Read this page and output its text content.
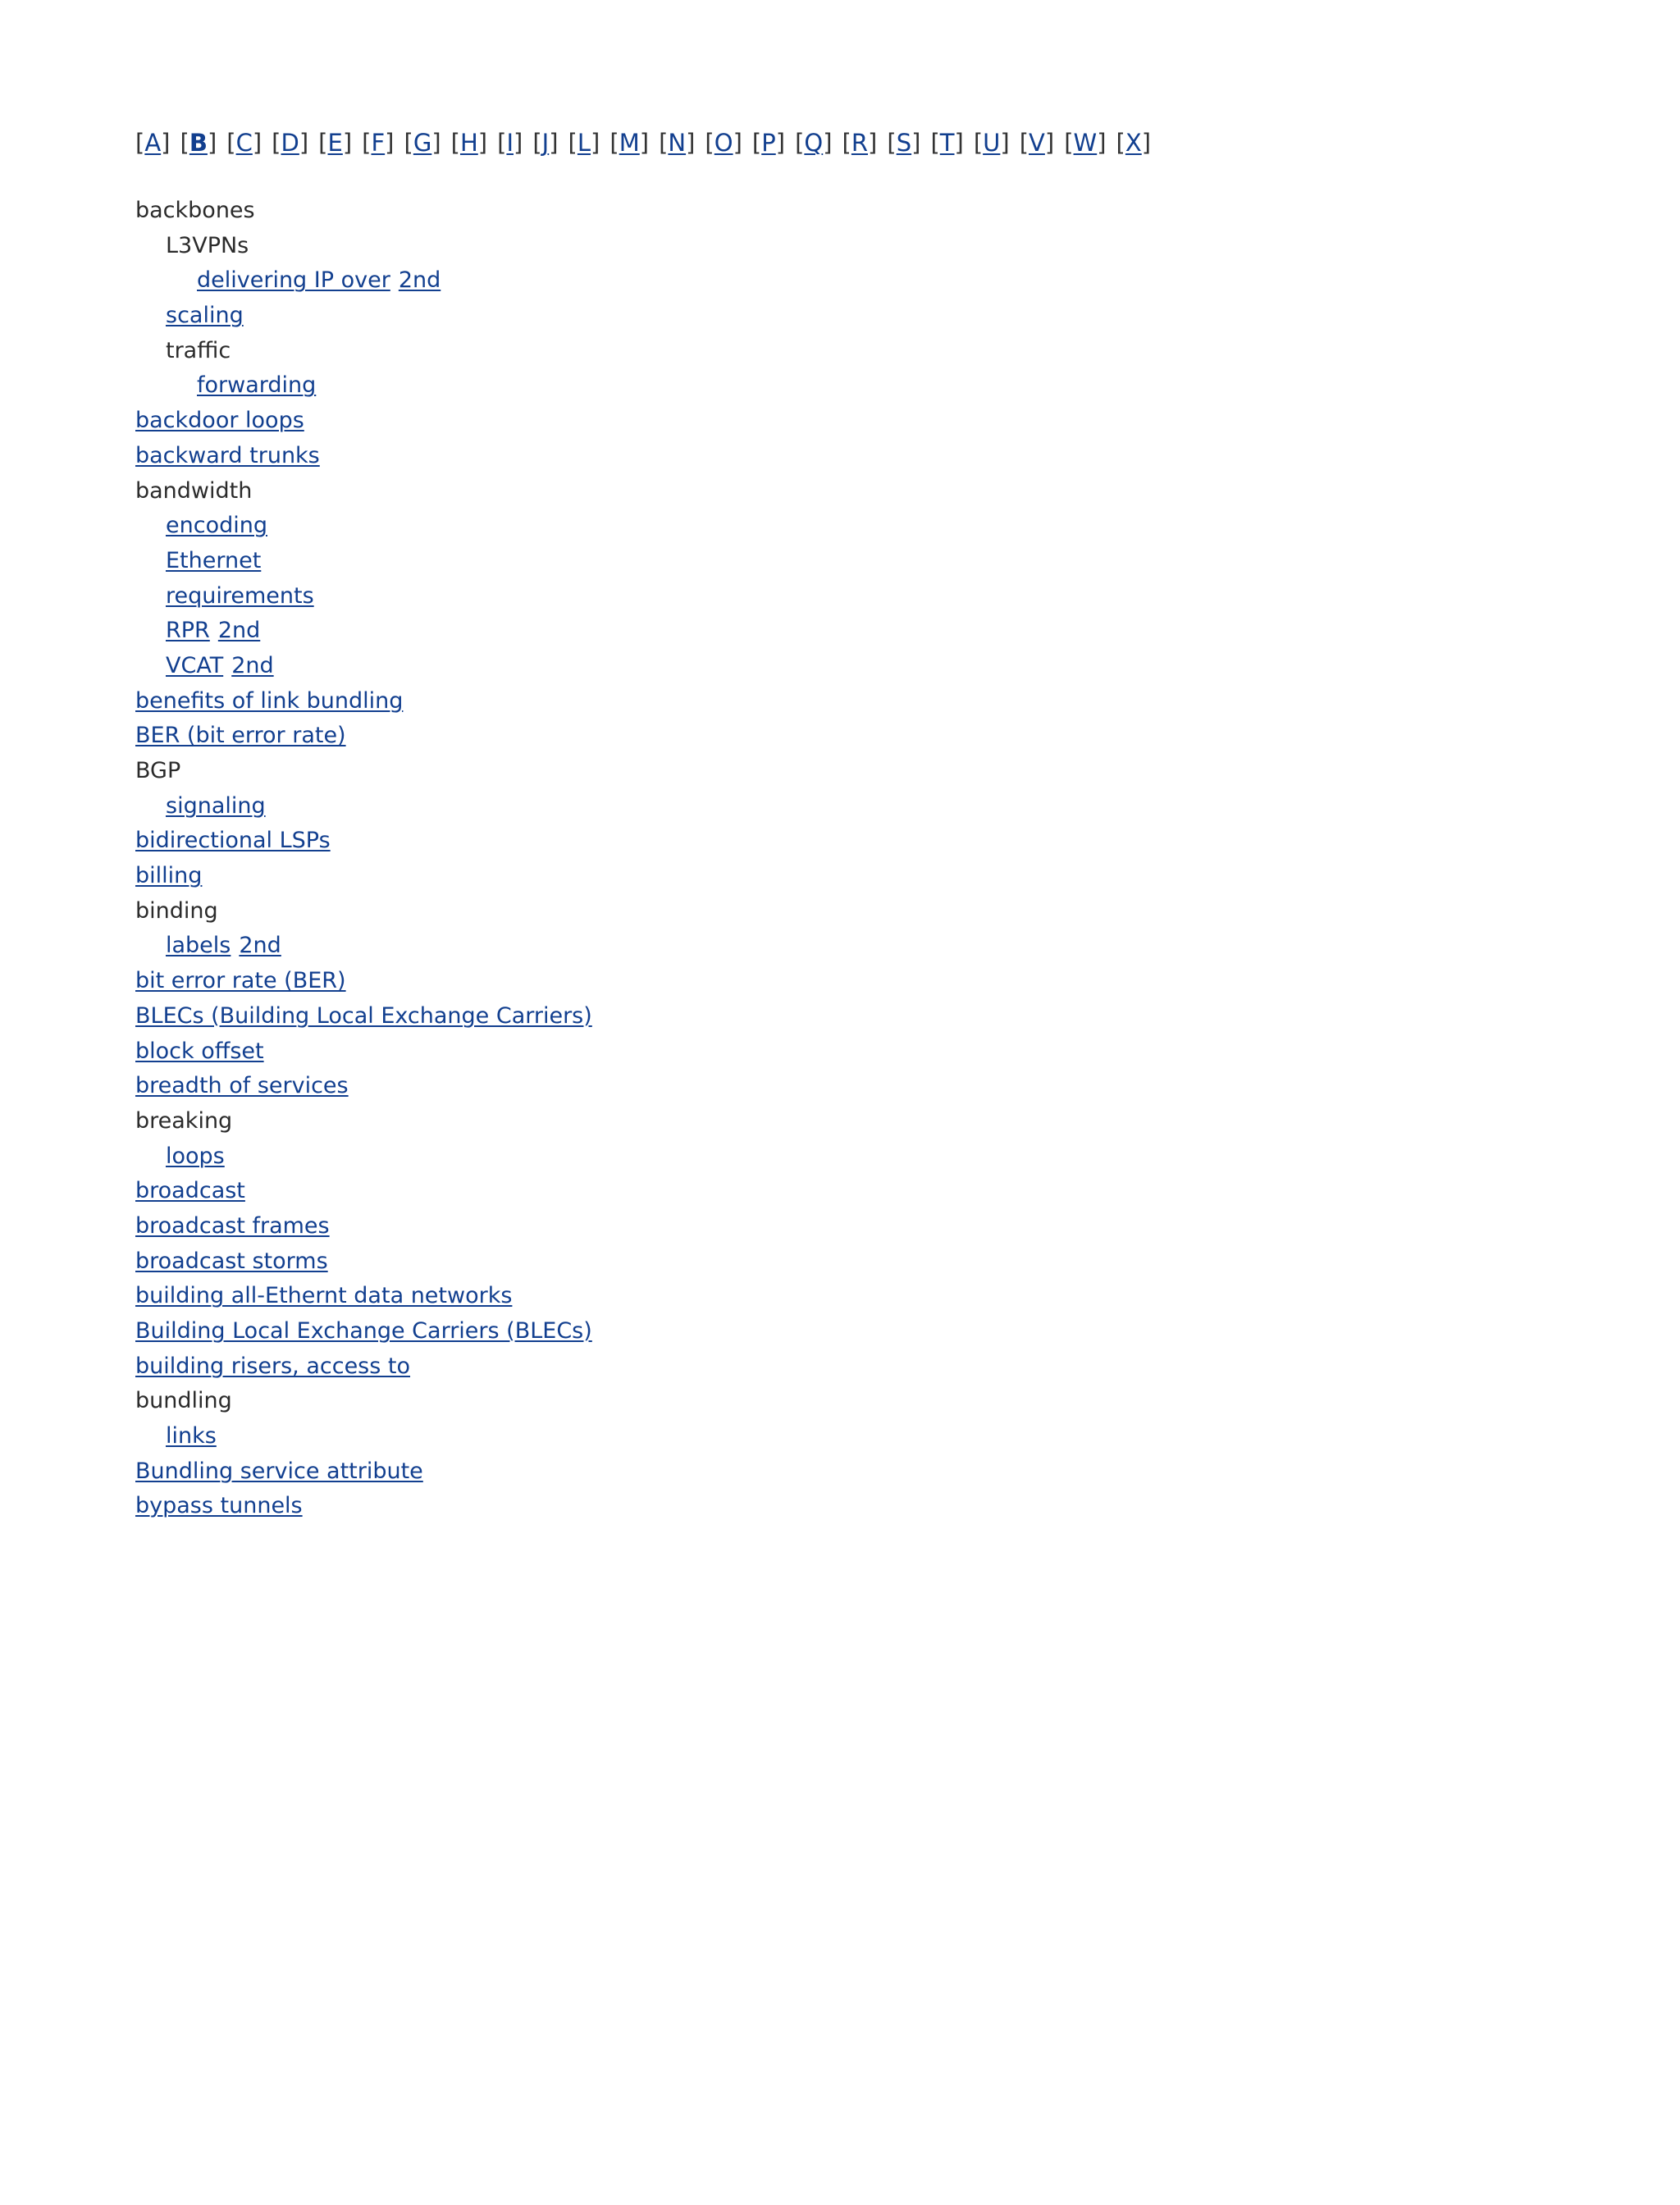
[A] [B] [C] [D] [E] [F] [G] [H] [I] [J] [L] [M] [N] [O] [P] [Q] [R] [S] [T] [U] [V] [W] [X]
backbones
L3VPNs
delivering IP over 2nd
scaling
traffic
forwarding
backdoor loops
backward trunks
bandwidth
encoding
Ethernet
requirements
RPR 2nd
VCAT 2nd
benefits of link bundling
BER (bit error rate)
BGP
signaling
bidirectional LSPs
billing
binding
labels 2nd
bit error rate (BER)
BLECs (Building Local Exchange Carriers)
block offset
breadth of services
breaking
loops
broadcast
broadcast frames
broadcast storms
building all-Ethernt data networks
Building Local Exchange Carriers (BLECs)
building risers, access to
bundling
links
Bundling service attribute
bypass tunnels
